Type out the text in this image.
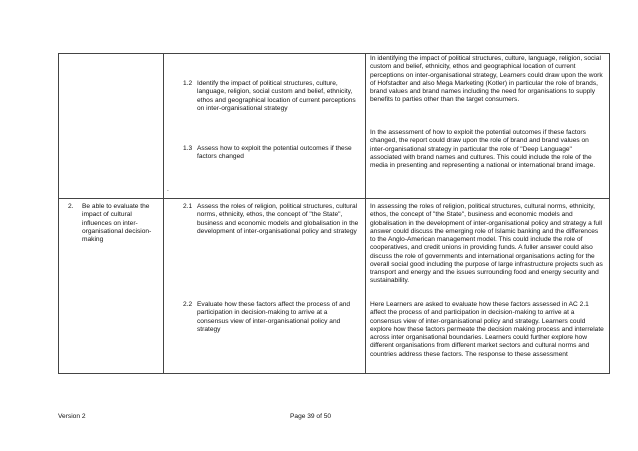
.
1.2 Identify the impact of political structures, culture, language, religion, social custom and belief, ethnicity, ethos and geographical location of current perceptions on inter-organisational strategy
1.3 Assess how to exploit the potential outcomes if these factors changed
In identifying the impact of political structures, culture, language, religion, social custom and belief, ethnicity, ethos and geographical location of current perceptions on inter-organisational strategy, Learners could draw upon the work of Hofstadter and also Mega Marketing (Kotler) in particular the role of brands, brand values and brand names including the need for organisations to supply benefits to parties other than the target consumers.
In the assessment of how to exploit the potential outcomes if these factors changed, the report could draw upon the role of brand and brand values on inter-organisational strategy in particular the role of "Deep Language" associated with brand names and cultures. This could include the role of the media in presenting and representing a national or international brand image.
2. Be able to evaluate the impact of cultural influences on inter-organisational decision-making
2.1 Assess the roles of religion, political structures, cultural norms, ethnicity, ethos, the concept of "the State", business and economic models and globalisation in the development of inter-organisational policy and strategy
2.2 Evaluate how these factors affect the process of and participation in decision-making to arrive at a consensus view of inter-organisational policy and strategy
In assessing the roles of religion, political structures, cultural norms, ethnicity, ethos, the concept of "the State", business and economic models and globalisation in the development of inter-organisational policy and strategy a full answer could discuss the emerging role of Islamic banking and the differences to the Anglo-American management model. This could include the role of cooperatives, and credit unions in providing funds. A fuller answer could also discuss the role of governments and international organisations acting for the overall social good including the purpose of large infrastructure projects such as transport and energy and the issues surrounding food and energy security and sustainability.
Here Learners are asked to evaluate how these factors assessed in AC 2.1 affect the process of and participation in decision-making to arrive at a consensus view of inter-organisational policy and strategy. Learners could explore how these factors permeate the decision making process and interrelate across inter organisational boundaries. Learners could further explore how different organisations from different market sectors and cultural norms and countries address these factors. The response to these assessment
Version 2	Page 39 of 50
